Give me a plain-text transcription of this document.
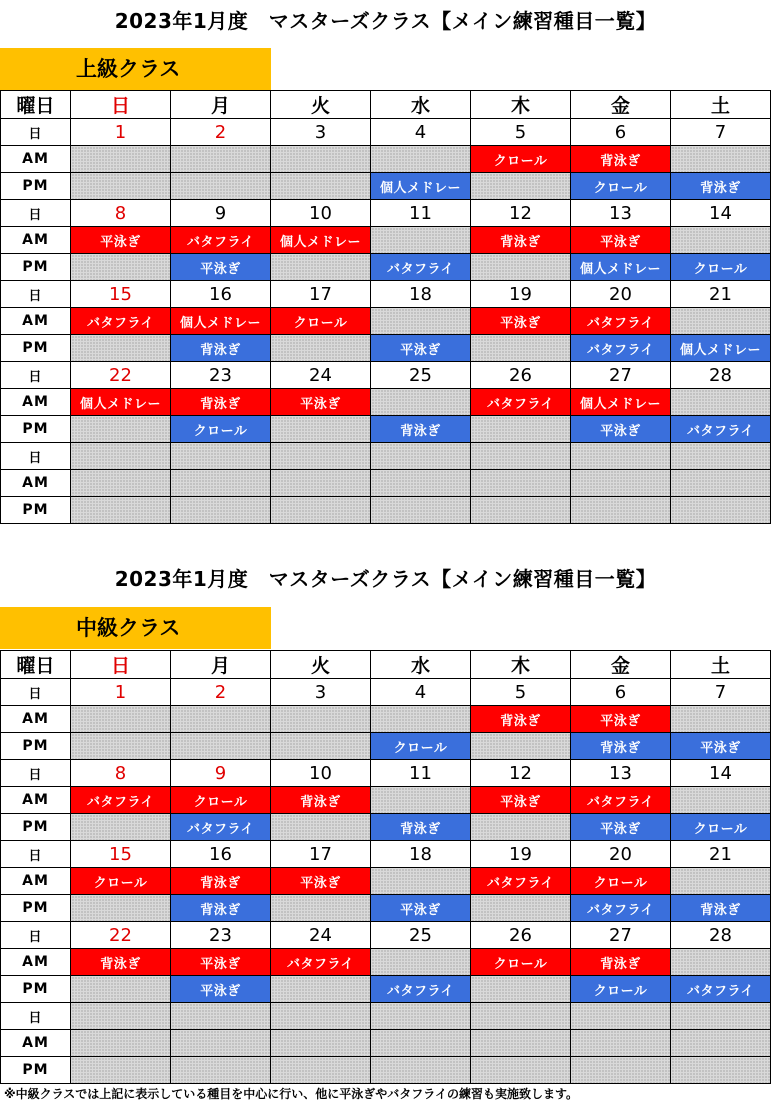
2023年1月度　マスターズクラス【メイン練習種目一覧】
上級クラス
曜日	日	月	火	水	木	金	土
日	1	2	3	4	5	6	7
AM					クロール	背泳ぎ	
PM				個人メドレー		クロール	背泳ぎ
日	8	9	10	11	12	13	14
AM	平泳ぎ	バタフライ	個人メドレー		背泳ぎ	平泳ぎ	
PM		平泳ぎ		バタフライ		個人メドレー	クロール
日	15	16	17	18	19	20	21
AM	バタフライ	個人メドレー	クロール		平泳ぎ	バタフライ	
PM		背泳ぎ		平泳ぎ		バタフライ	個人メドレー
日	22	23	24	25	26	27	28
AM	個人メドレー	背泳ぎ	平泳ぎ		バタフライ	個人メドレー	
PM		クロール		背泳ぎ		平泳ぎ	バタフライ
日							
AM							
PM							
2023年1月度　マスターズクラス【メイン練習種目一覧】
中級クラス
曜日	日	月	火	水	木	金	土
日	1	2	3	4	5	6	7
AM					背泳ぎ	平泳ぎ	
PM				クロール		背泳ぎ	平泳ぎ
日	8	9	10	11	12	13	14
AM	バタフライ	クロール	背泳ぎ		平泳ぎ	バタフライ	
PM		バタフライ		背泳ぎ		平泳ぎ	クロール
日	15	16	17	18	19	20	21
AM	クロール	背泳ぎ	平泳ぎ		バタフライ	クロール	
PM		背泳ぎ		平泳ぎ		バタフライ	背泳ぎ
日	22	23	24	25	26	27	28
AM	背泳ぎ	平泳ぎ	バタフライ		クロール	背泳ぎ	
PM		平泳ぎ		バタフライ		クロール	バタフライ
日							
AM							
PM							
※中級クラスでは上記に表示している種目を中心に行い、他に平泳ぎやバタフライの練習も実施致します。
